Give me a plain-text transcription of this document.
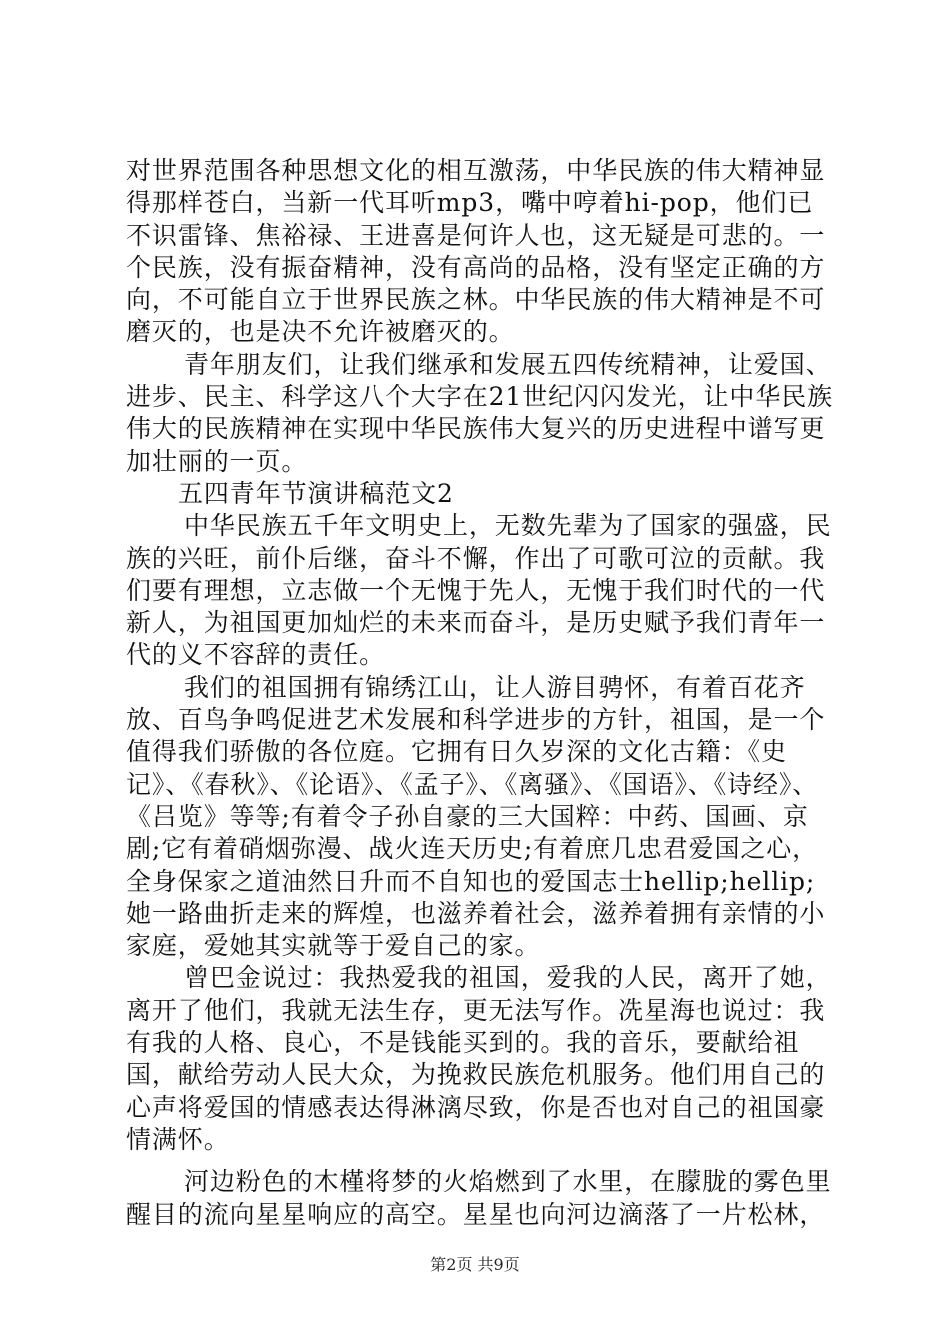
对世界范围各种思想文化的相互激荡，中华民族的伟大精神显得那样苍白，当新一代耳听mp3，嘴中哼着hi-pop，他们已不识雷锋、焦裕禄、王进喜是何许人也，这无疑是可悲的。一个民族，没有振奋精神，没有高尚的品格，没有坚定正确的方向，不可能自立于世界民族之林。中华民族的伟大精神是不可磨灭的，也是决不允许被磨灭的。

青年朋友们，让我们继承和发展五四传统精神，让爱国、进步、民主、科学这八个大字在21世纪闪闪发光，让中华民族伟大的民族精神在实现中华民族伟大复兴的历史进程中谱写更加壮丽的一页。

五四青年节演讲稿范文2

中华民族五千年文明史上，无数先辈为了国家的强盛，民族的兴旺，前仆后继，奋斗不懈，作出了可歌可泣的贡献。我们要有理想，立志做一个无愧于先人，无愧于我们时代的一代新人，为祖国更加灿烂的未来而奋斗，是历史赋予我们青年一代的义不容辞的责任。

我们的祖国拥有锦绣江山，让人游目骋怀，有着百花齐放、百鸟争鸣促进艺术发展和科学进步的方针，祖国，是一个值得我们骄傲的各位庭。它拥有日久岁深的文化古籍：《史记》、《春秋》、《论语》、《孟子》、《离骚》、《国语》、《诗经》、《吕览》等等;有着令子孙自豪的三大国粹：中药、国画、京剧;它有着硝烟弥漫、战火连天历史;有着庶几忠君爱国之心，全身保家之道油然日升而不自知也的爱国志士hellip;hellip;她一路曲折走来的辉煌，也滋养着社会，滋养着拥有亲情的小家庭，爱她其实就等于爱自己的家。

曾巴金说过：我热爱我的祖国，爱我的人民，离开了她，离开了他们，我就无法生存，更无法写作。冼星海也说过：我有我的人格、良心，不是钱能买到的。我的音乐，要献给祖国，献给劳动人民大众，为挽救民族危机服务。他们用自己的心声将爱国的情感表达得淋漓尽致，你是否也对自己的祖国豪情满怀。

河边粉色的木槿将梦的火焰燃到了水里，在朦胧的雾色里醒目的流向星星响应的高空。星星也向河边滴落了一片松林，

第2页 共9页
